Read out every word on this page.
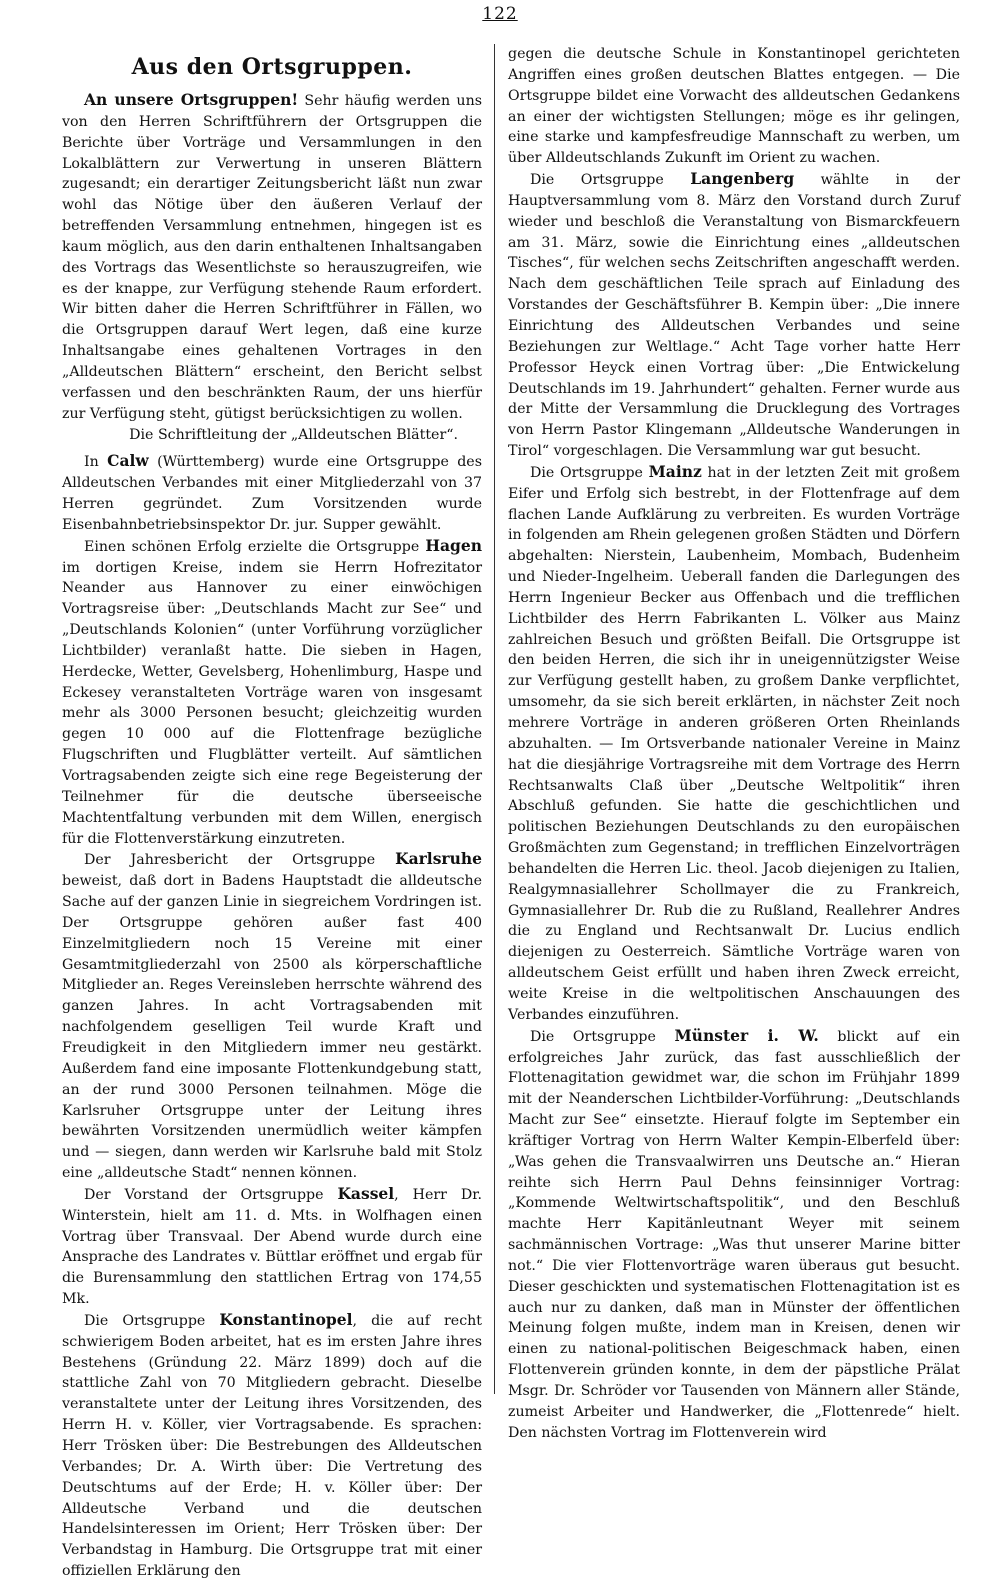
122
Aus den Ortsgruppen.

An unsere Ortsgruppen! Sehr häufig werden uns von den Herren Schriftführern der Ortsgruppen die Berichte über Vorträge und Versammlungen in den Lokalblättern zur Verwertung in unseren Blättern zugesandt; ein derartiger Zeitungsbericht läßt nun zwar wohl das Nötige über den äußeren Verlauf der betreffenden Versammlung entnehmen, hingegen ist es kaum möglich, aus den darin enthaltenen Inhaltsangaben des Vortrags das Wesentlichste so herauszugreifen, wie es der knappe, zur Verfügung stehende Raum erfordert. Wir bitten daher die Herren Schriftführer in Fällen, wo die Ortsgruppen darauf Wert legen, daß eine kurze Inhaltsangabe eines gehaltenen Vortrages in den „Alldeutschen Blättern“ erscheint, den Bericht selbst verfassen und den beschränkten Raum, der uns hierfür zur Verfügung steht, gütigst berücksichtigen zu wollen.

Die Schriftleitung der „Alldeutschen Blätter“.

In Calw (Württemberg) wurde eine Ortsgruppe des Alldeutschen Verbandes mit einer Mitgliederzahl von 37 Herren gegründet. Zum Vorsitzenden wurde Eisenbahnbetriebsinspektor Dr. jur. Supper gewählt.

Einen schönen Erfolg erzielte die Ortsgruppe Hagen im dortigen Kreise, indem sie Herrn Hofrezitator Neander aus Hannover zu einer einwöchigen Vortragsreise über: „Deutschlands Macht zur See“ und „Deutschlands Kolonien“ (unter Vorführung vorzüglicher Lichtbilder) veranlaßt hatte. Die sieben in Hagen, Herdecke, Wetter, Gevelsberg, Hohenlimburg, Haspe und Eckesey veranstalteten Vorträge waren von insgesamt mehr als 3000 Personen besucht; gleichzeitig wurden gegen 10 000 auf die Flottenfrage bezügliche Flugschriften und Flugblätter verteilt. Auf sämtlichen Vortragsabenden zeigte sich eine rege Begeisterung der Teilnehmer für die deutsche überseeische Machtentfaltung verbunden mit dem Willen, energisch für die Flottenverstärkung einzutreten.

Der Jahresbericht der Ortsgruppe Karlsruhe beweist, daß dort in Badens Hauptstadt die alldeutsche Sache auf der ganzen Linie in siegreichem Vordringen ist. Der Ortsgruppe gehören außer fast 400 Einzelmitgliedern noch 15 Vereine mit einer Gesamtmitgliederzahl von 2500 als körperschaftliche Mitglieder an. Reges Vereinsleben herrschte während des ganzen Jahres. In acht Vortragsabenden mit nachfolgendem geselligen Teil wurde Kraft und Freudigkeit in den Mitgliedern immer neu gestärkt. Außerdem fand eine imposante Flottenkundgebung statt, an der rund 3000 Personen teilnahmen. Möge die Karlsruher Ortsgruppe unter der Leitung ihres bewährten Vorsitzenden unermüdlich weiter kämpfen und — siegen, dann werden wir Karlsruhe bald mit Stolz eine „alldeutsche Stadt“ nennen können.

Der Vorstand der Ortsgruppe Kassel, Herr Dr. Winterstein, hielt am 11. d. Mts. in Wolfhagen einen Vortrag über Transvaal. Der Abend wurde durch eine Ansprache des Landrates v. Büttlar eröffnet und ergab für die Burensammlung den stattlichen Ertrag von 174,55 Mk.

Die Ortsgruppe Konstantinopel, die auf recht schwierigem Boden arbeitet, hat es im ersten Jahre ihres Bestehens (Gründung 22. März 1899) doch auf die stattliche Zahl von 70 Mitgliedern gebracht. Dieselbe veranstaltete unter der Leitung ihres Vorsitzenden, des Herrn H. v. Köller, vier Vortragsabende. Es sprachen: Herr Trösken über: Die Bestrebungen des Alldeutschen Verbandes; Dr. A. Wirth über: Die Vertretung des Deutschtums auf der Erde; H. v. Köller über: Der Alldeutsche Verband und die deutschen Handelsinteressen im Orient; Herr Trösken über: Der Verbandstag in Hamburg. Die Ortsgruppe trat mit einer offiziellen Erklärung den

gegen die deutsche Schule in Konstantinopel gerichteten Angriffen eines großen deutschen Blattes entgegen. — Die Ortsgruppe bildet eine Vorwacht des alldeutschen Gedankens an einer der wichtigsten Stellungen; möge es ihr gelingen, eine starke und kampfesfreudige Mannschaft zu werben, um über Alldeutschlands Zukunft im Orient zu wachen.

Die Ortsgruppe Langenberg wählte in der Hauptversammlung vom 8. März den Vorstand durch Zuruf wieder und beschloß die Veranstaltung von Bismarckfeuern am 31. März, sowie die Einrichtung eines „alldeutschen Tisches“, für welchen sechs Zeitschriften angeschafft werden. Nach dem geschäftlichen Teile sprach auf Einladung des Vorstandes der Geschäftsführer B. Kempin über: „Die innere Einrichtung des Alldeutschen Verbandes und seine Beziehungen zur Weltlage.“ Acht Tage vorher hatte Herr Professor Heyck einen Vortrag über: „Die Entwickelung Deutschlands im 19. Jahrhundert“ gehalten. Ferner wurde aus der Mitte der Versammlung die Drucklegung des Vortrages von Herrn Pastor Klingemann „Alldeutsche Wanderungen in Tirol“ vorgeschlagen. Die Versammlung war gut besucht.

Die Ortsgruppe Mainz hat in der letzten Zeit mit großem Eifer und Erfolg sich bestrebt, in der Flottenfrage auf dem flachen Lande Aufklärung zu verbreiten. Es wurden Vorträge in folgenden am Rhein gelegenen großen Städten und Dörfern abgehalten: Nierstein, Laubenheim, Mombach, Budenheim und Nieder-Ingelheim. Ueberall fanden die Darlegungen des Herrn Ingenieur Becker aus Offenbach und die trefflichen Lichtbilder des Herrn Fabrikanten L. Völker aus Mainz zahlreichen Besuch und größten Beifall. Die Ortsgruppe ist den beiden Herren, die sich ihr in uneigennützigster Weise zur Verfügung gestellt haben, zu großem Danke verpflichtet, umsomehr, da sie sich bereit erklärten, in nächster Zeit noch mehrere Vorträge in anderen größeren Orten Rheinlands abzuhalten. — Im Ortsverbande nationaler Vereine in Mainz hat die diesjährige Vortragsreihe mit dem Vortrage des Herrn Rechtsanwalts Claß über „Deutsche Weltpolitik“ ihren Abschluß gefunden. Sie hatte die geschichtlichen und politischen Beziehungen Deutschlands zu den europäischen Großmächten zum Gegenstand; in trefflichen Einzelvorträgen behandelten die Herren Lic. theol. Jacob diejenigen zu Italien, Realgymnasiallehrer Schollmayer die zu Frankreich, Gymnasiallehrer Dr. Rub die zu Rußland, Reallehrer Andres die zu England und Rechtsanwalt Dr. Lucius endlich diejenigen zu Oesterreich. Sämtliche Vorträge waren von alldeutschem Geist erfüllt und haben ihren Zweck erreicht, weite Kreise in die weltpolitischen Anschauungen des Verbandes einzuführen.

Die Ortsgruppe Münster i. W. blickt auf ein erfolgreiches Jahr zurück, das fast ausschließlich der Flottenagitation gewidmet war, die schon im Frühjahr 1899 mit der Neanderschen Lichtbilder-Vorführung: „Deutschlands Macht zur See“ einsetzte. Hierauf folgte im September ein kräftiger Vortrag von Herrn Walter Kempin-Elberfeld über: „Was gehen die Transvaalwirren uns Deutsche an.“ Hieran reihte sich Herrn Paul Dehns feinsinniger Vortrag: „Kommende Weltwirtschaftspolitik“, und den Beschluß machte Herr Kapitänleutnant Weyer mit seinem sachmännischen Vortrage: „Was thut unserer Marine bitter not.“ Die vier Flottenvorträge waren überaus gut besucht. Dieser geschickten und systematischen Flottenagitation ist es auch nur zu danken, daß man in Münster der öffentlichen Meinung folgen mußte, indem man in Kreisen, denen wir einen zu national-politischen Beigeschmack haben, einen Flottenverein gründen konnte, in dem der päpstliche Prälat Msgr. Dr. Schröder vor Tausenden von Männern aller Stände, zumeist Arbeiter und Handwerker, die „Flottenrede“ hielt. Den nächsten Vortrag im Flottenverein wird
